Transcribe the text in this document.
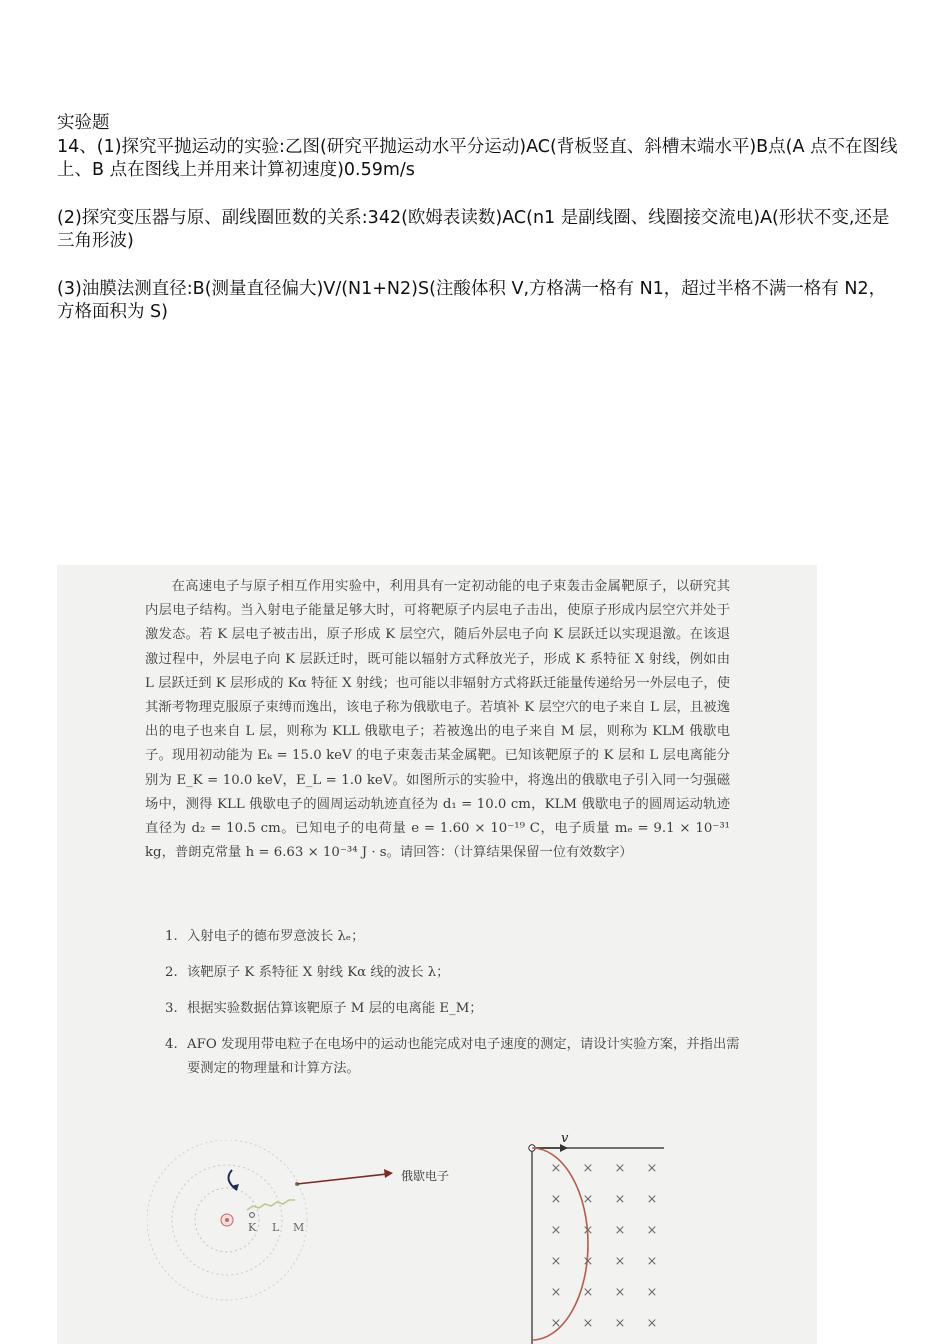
实验题

14、(1)探究平抛运动的实验:乙图(研究平抛运动水平分运动)AC(背板竖直、斜槽末端水平)B点(A 点不在图线上、B 点在图线上并用来计算初速度)0.59m/s

(2)探究变压器与原、副线圈匝数的关系:342(欧姆表读数)AC(n1 是副线圈、线圈接交流电)A(形状不变,还是三角形波)

(3)油膜法测直径:B(测量直径偏大)V/(N1+N2)S(注酸体积 V,方格满一格有 N1，超过半格不满一格有 N2，方格面积为 S)

在高速电子与原子相互作用实验中，利用具有一定初动能的电子束轰击金属靶原子，以研究其内层电子结构。当入射电子能量足够大时，可将靶原子内层电子击出，使原子形成内层空穴并处于激发态。若 K 层电子被击出，原子形成 K 层空穴，随后外层电子向 K 层跃迁以实现退激。在该退激过程中，外层电子向 K 层跃迁时，既可能以辐射方式释放光子，形成 K 系特征 X 射线，例如由 L 层跃迁到 K 层形成的 Kα 特征 X 射线；也可能以非辐射方式将跃迁能量传递给另一外层电子，使其渐考物理克服原子束缚而逸出，该电子称为俄歇电子。若填补 K 层空穴的电子来自 L 层，且被逸出的电子也来自 L 层，则称为 KLL 俄歇电子；若被逸出的电子来自 M 层，则称为 KLM 俄歇电子。现用初动能为 Eₖ = 15.0 keV 的电子束轰击某金属靶。已知该靶原子的 K 层和 L 层电离能分别为 E_K = 10.0 keV，E_L = 1.0 keV。如图所示的实验中，将逸出的俄歇电子引入同一匀强磁场中，测得 KLL 俄歇电子的圆周运动轨迹直径为 d₁ = 10.0 cm，KLM 俄歇电子的圆周运动轨迹直径为 d₂ = 10.5 cm。已知电子的电荷量 e = 1.60 × 10⁻¹⁹ C，电子质量 mₑ = 9.1 × 10⁻³¹ kg，普朗克常量 h = 6.63 × 10⁻³⁴ J · s。请回答：（计算结果保留一位有效数字）

1. 入射电子的德布罗意波长 λₑ；
2. 该靶原子 K 系特征 X 射线 Kα 线的波长 λ；
3. 根据实验数据估算该靶原子 M 层的电离能 E_M；
4. AFO 发现用带电粒子在电场中的运动也能完成对电子速度的测定，请设计实验方案，并指出需要测定的物理量和计算方法。
俄歇电子
K L M
v
× × × ×
× × × ×
× × × ×
× × × ×
× × × ×
× × × ×
